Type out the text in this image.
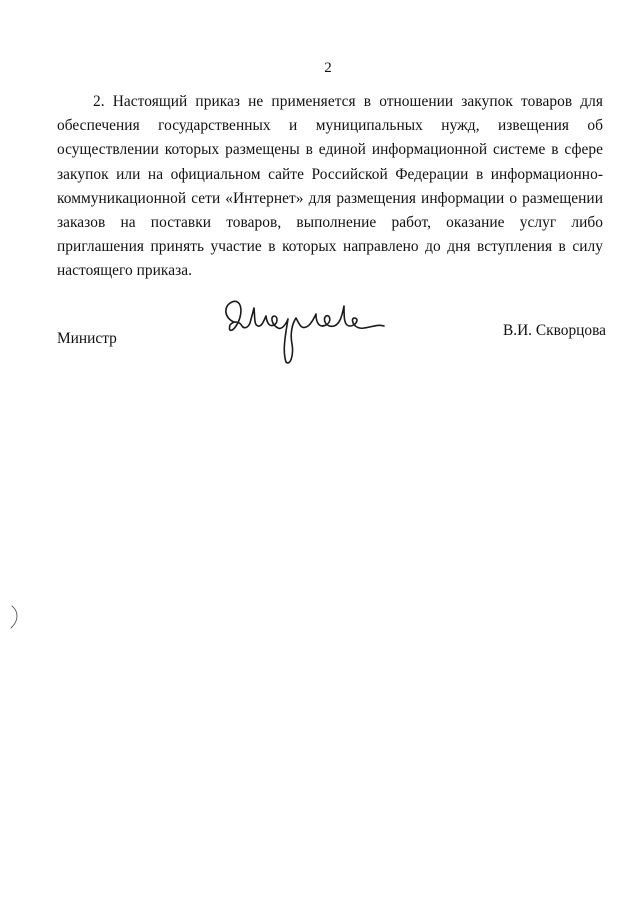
2

2. Настоящий приказ не применяется в отношении закупок товаров для обеспечения государственных и муниципальных нужд, извещения об осуществлении которых размещены в единой информационной системе в сфере закупок или на официальном сайте Российской Федерации в информационно-коммуникационной сети «Интернет» для размещения информации о размещении заказов на поставки товаров, выполнение работ, оказание услуг либо приглашения принять участие в которых направлено до дня вступления в силу настоящего приказа.

Министр	В.И. Скворцова
